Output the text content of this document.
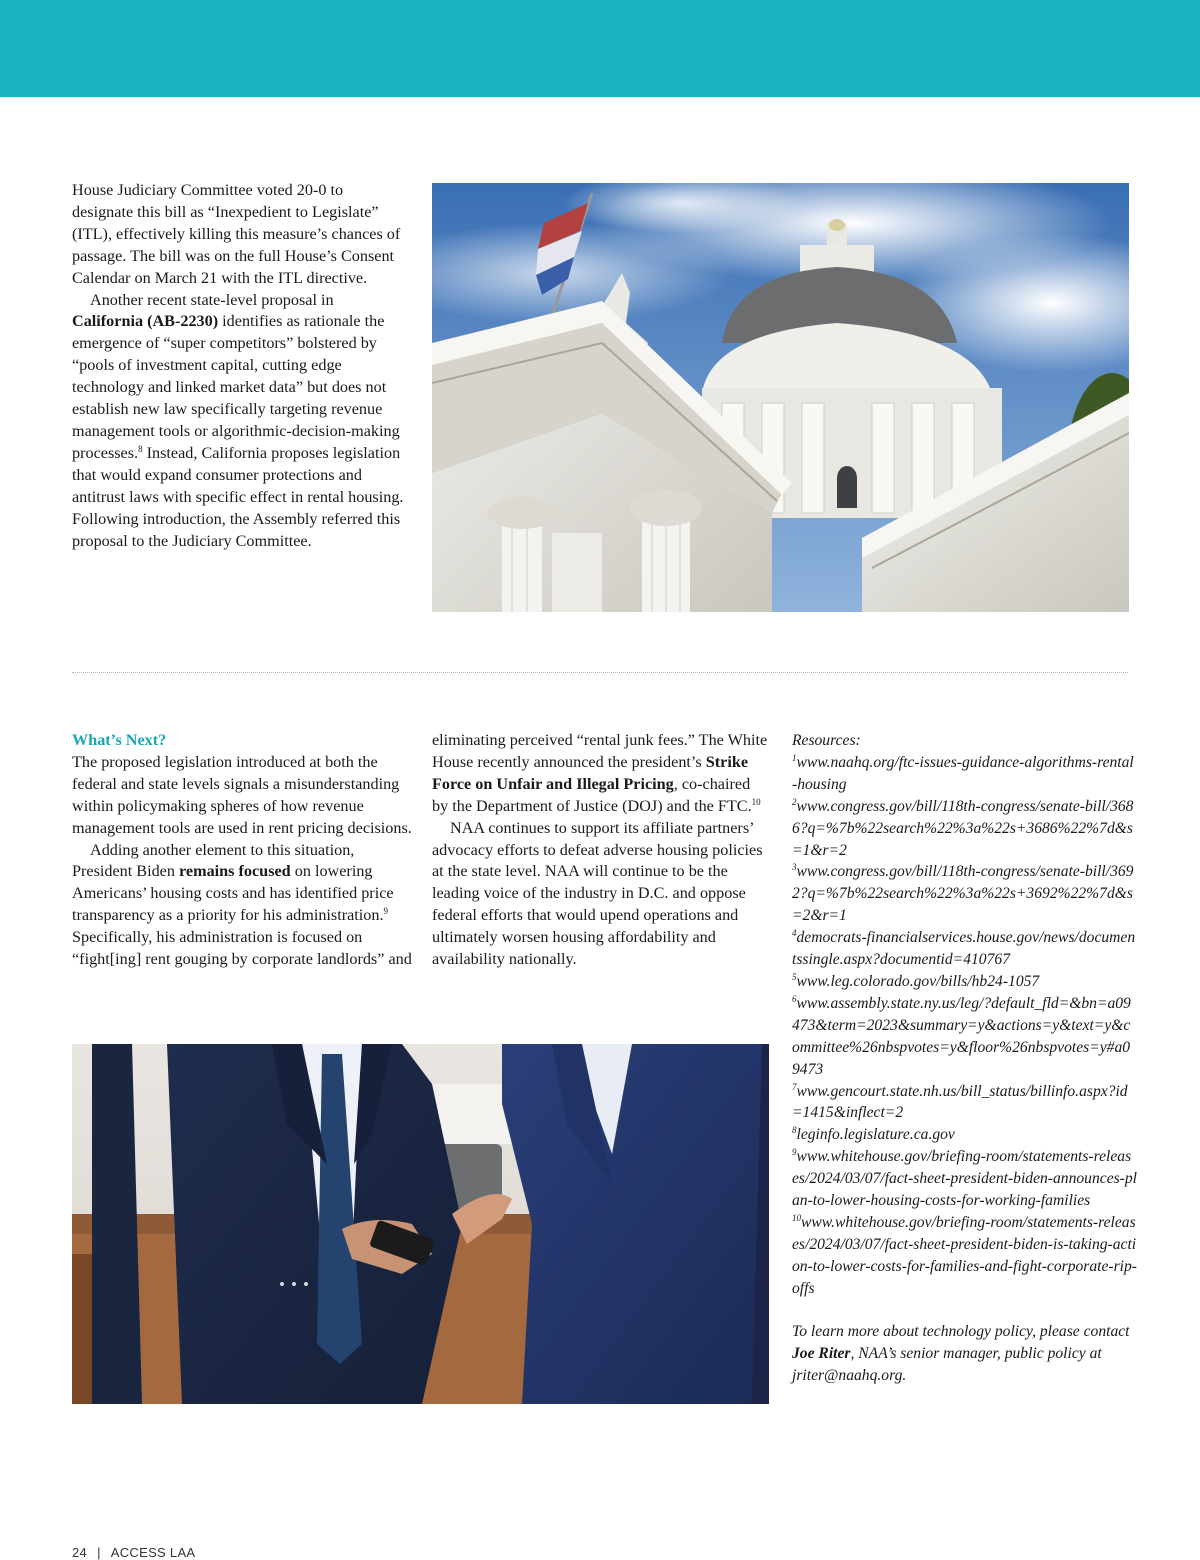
House Judiciary Committee voted 20-0 to designate this bill as “Inexpedient to Legislate” (ITL), effectively killing this measure’s chances of passage. The bill was on the full House’s Consent Calendar on March 21 with the ITL directive.

Another recent state-level proposal in California (AB-2230) identifies as rationale the emergence of “super competitors” bolstered by “pools of investment capital, cutting edge technology and linked market data” but does not establish new law specifically targeting revenue management tools or algorithmic-decision-making processes.$^8$ Instead, California proposes legislation that would expand consumer protections and antitrust laws with specific effect in rental housing. Following introduction, the Assembly referred this proposal to the Judiciary Committee.

What’s Next?

The proposed legislation introduced at both the federal and state levels signals a misunderstanding within policymaking spheres of how revenue management tools are used in rent pricing decisions.

Adding another element to this situation, President Biden remains focused on lowering Americans’ housing costs and has identified price transparency as a priority for his administration.$^9$ Specifically, his administration is focused on “fight[ing] rent gouging by corporate landlords” and

eliminating perceived “rental junk fees.” The White House recently announced the president’s Strike Force on Unfair and Illegal Pricing, co-chaired by the Department of Justice (DOJ) and the FTC.$^{10}$

NAA continues to support its affiliate partners’ advocacy efforts to defeat adverse housing policies at the state level. NAA will continue to be the leading voice of the industry in D.C. and oppose federal efforts that would upend operations and ultimately worsen housing affordability and availability nationally.

Resources:

$^1$www.naahq.org/ftc-issues-guidance-algorithms-rental-housing

$^2$www.congress.gov/bill/118th-congress/senate-bill/3686?q=%7b%22search%22%3a%22s+3686%22%7d&s=1&r=2

$^3$www.congress.gov/bill/118th-congress/senate-bill/3692?q=%7b%22search%22%3a%22s+3692%22%7d&s=2&r=1

$^4$democrats-financialservices.house.gov/news/documentssingle.aspx?documentid=410767

$^5$www.leg.colorado.gov/bills/hb24-1057

$^6$www.assembly.state.ny.us/leg/?default_fld=&bn=a09473&term=2023&summary=y&actions=y&text=y&committee%26nbspvotes=y&floor%26nbspvotes=y#a09473

$^7$www.gencourt.state.nh.us/bill_status/billinfo.aspx?id=1415&inflect=2

$^8$leginfo.legislature.ca.gov

$^9$www.whitehouse.gov/briefing-room/statements-releases/2024/03/07/fact-sheet-president-biden-announces-plan-to-lower-housing-costs-for-working-families

$^{10}$www.whitehouse.gov/briefing-room/statements-releases/2024/03/07/fact-sheet-president-biden-is-taking-action-to-lower-costs-for-families-and-fight-corporate-rip-offs

To learn more about technology policy, please contact Joe Riter, NAA’s senior manager, public policy at jriter@naahq.org.

24 | ACCESS LAA
